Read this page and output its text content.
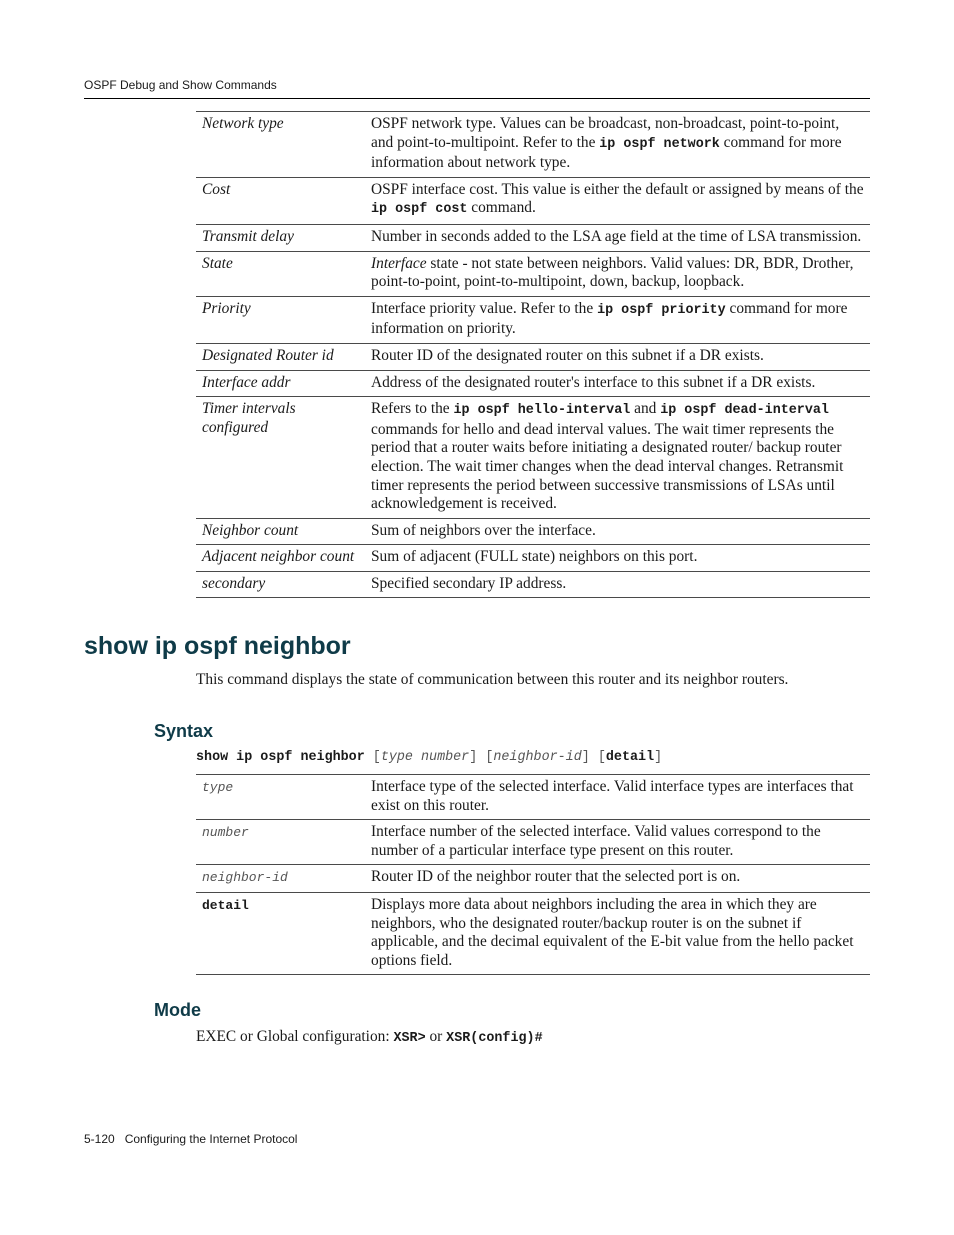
OSPF Debug and Show Commands
Network type	OSPF network type. Values can be broadcast, non-broadcast, point-to-point, and point-to-multipoint. Refer to the ip ospf network command for more information about network type.
Cost	OSPF interface cost. This value is either the default or assigned by means of the ip ospf cost command.
Transmit delay	Number in seconds added to the LSA age field at the time of LSA transmission.
State	Interface state - not state between neighbors. Valid values: DR, BDR, Drother, point-to-point, point-to-multipoint, down, backup, loopback.
Priority	Interface priority value. Refer to the ip ospf priority command for more information on priority.
Designated Router id	Router ID of the designated router on this subnet if a DR exists.
Interface addr	Address of the designated router's interface to this subnet if a DR exists.
Timer intervals configured	Refers to the ip ospf hello-interval and ip ospf dead-interval commands for hello and dead interval values. The wait timer represents the period that a router waits before initiating a designated router/ backup router election. The wait timer changes when the dead interval changes. Retransmit timer represents the period between successive transmissions of LSAs until acknowledgement is received.
Neighbor count	Sum of neighbors over the interface.
Adjacent neighbor count	Sum of adjacent (FULL state) neighbors on this port.
secondary	Specified secondary IP address.
show ip ospf neighbor
This command displays the state of communication between this router and its neighbor routers.
Syntax
show ip ospf neighbor [type number] [neighbor-id] [detail]
type	Interface type of the selected interface. Valid interface types are interfaces that exist on this router.
number	Interface number of the selected interface. Valid values correspond to the number of a particular interface type present on this router.
neighbor-id	Router ID of the neighbor router that the selected port is on.
detail	Displays more data about neighbors including the area in which they are neighbors, who the designated router/backup router is on the subnet if applicable, and the decimal equivalent of the E-bit value from the hello packet options field.
Mode
EXEC or Global configuration: XSR> or XSR(config)#
5-120 Configuring the Internet Protocol
